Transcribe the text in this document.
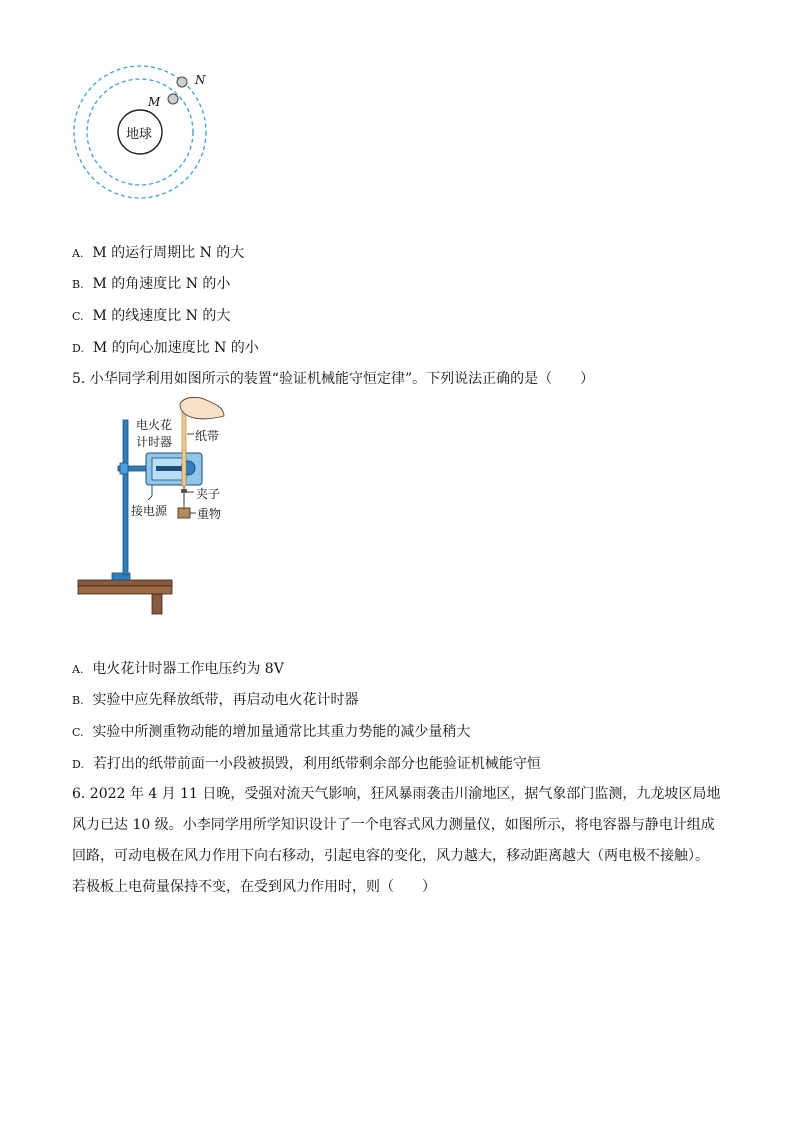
地球
M
N
A. M 的运行周期比 N 的大
B. M 的角速度比 N 的小
C. M 的线速度比 N 的大
D. M 的向心加速度比 N 的小
5. 小华同学利用如图所示的装置“验证机械能守恒定律”。下列说法正确的是（　　）
电火花
计时器 纸带
接电源
夹子
重物
A. 电火花计时器工作电压约为 8V
B. 实验中应先释放纸带，再启动电火花计时器
C. 实验中所测重物动能的增加量通常比其重力势能的减少量稍大
D. 若打出的纸带前面一小段被损毁，利用纸带剩余部分也能验证机械能守恒
6. 2022 年 4 月 11 日晚，受强对流天气影响，狂风暴雨袭击川渝地区，据气象部门监测，九龙坡区局地风力已达 10 级。小李同学用所学知识设计了一个电容式风力测量仪，如图所示，将电容器与静电计组成回路，可动电极在风力作用下向右移动，引起电容的变化，风力越大，移动距离越大（两电极不接触）。若极板上电荷量保持不变，在受到风力作用时，则（　　）
